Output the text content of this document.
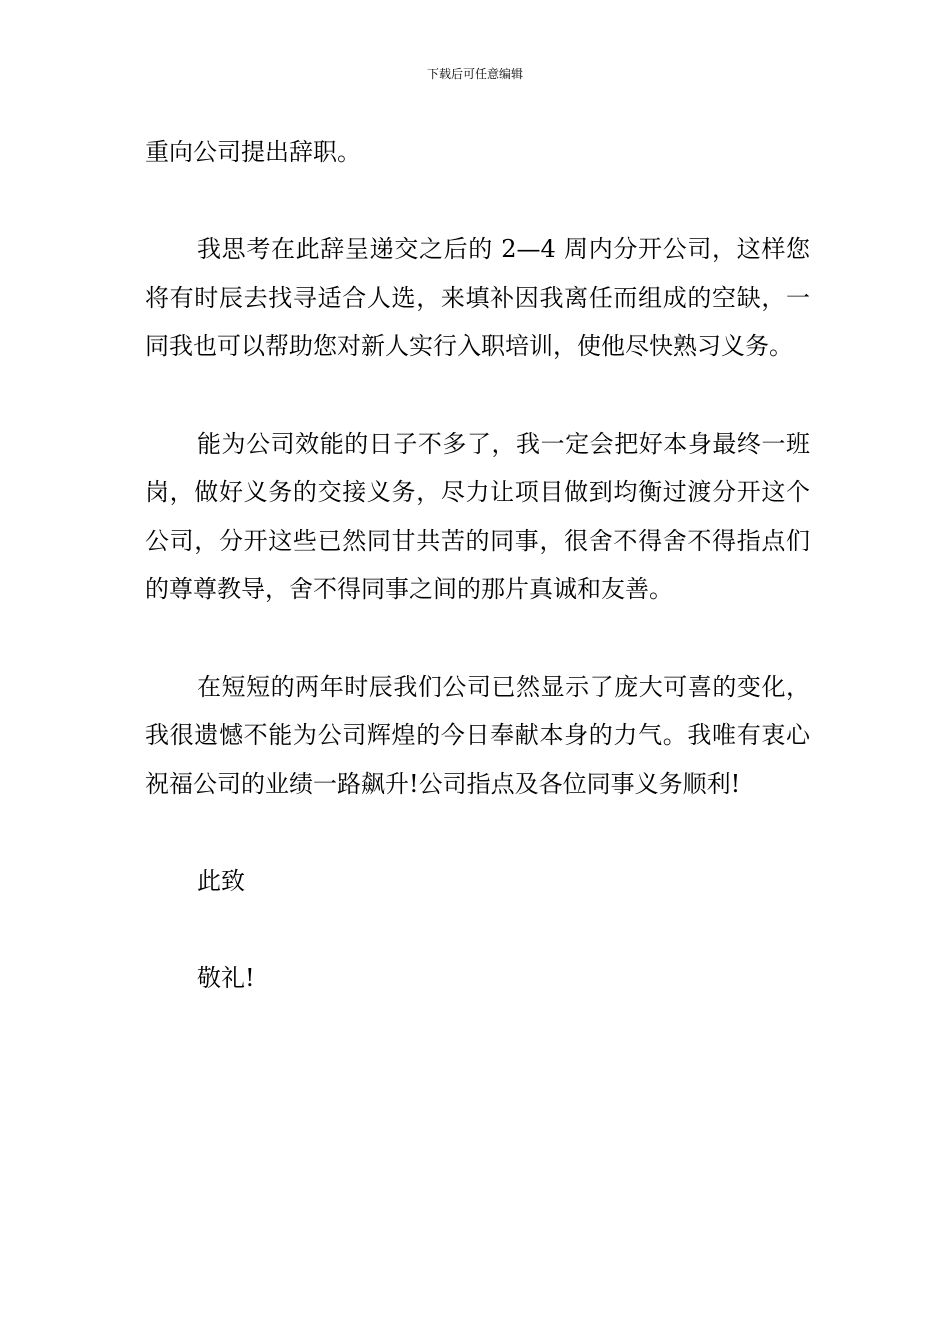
下载后可任意编辑

重向公司提出辞职。

我思考在此辞呈递交之后的 2—4 周内分开公司，这样您将有时辰去找寻适合人选，来填补因我离任而组成的空缺，一同我也可以帮助您对新人实行入职培训，使他尽快熟习义务。

能为公司效能的日子不多了，我一定会把好本身最终一班岗，做好义务的交接义务，尽力让项目做到均衡过渡分开这个公司，分开这些已然同甘共苦的同事，很舍不得舍不得指点们的尊尊教导，舍不得同事之间的那片真诚和友善。

在短短的两年时辰我们公司已然显示了庞大可喜的变化，我很遗憾不能为公司辉煌的今日奉献本身的力气。我唯有衷心祝福公司的业绩一路飙升!公司指点及各位同事义务顺利!

此致

敬礼!
